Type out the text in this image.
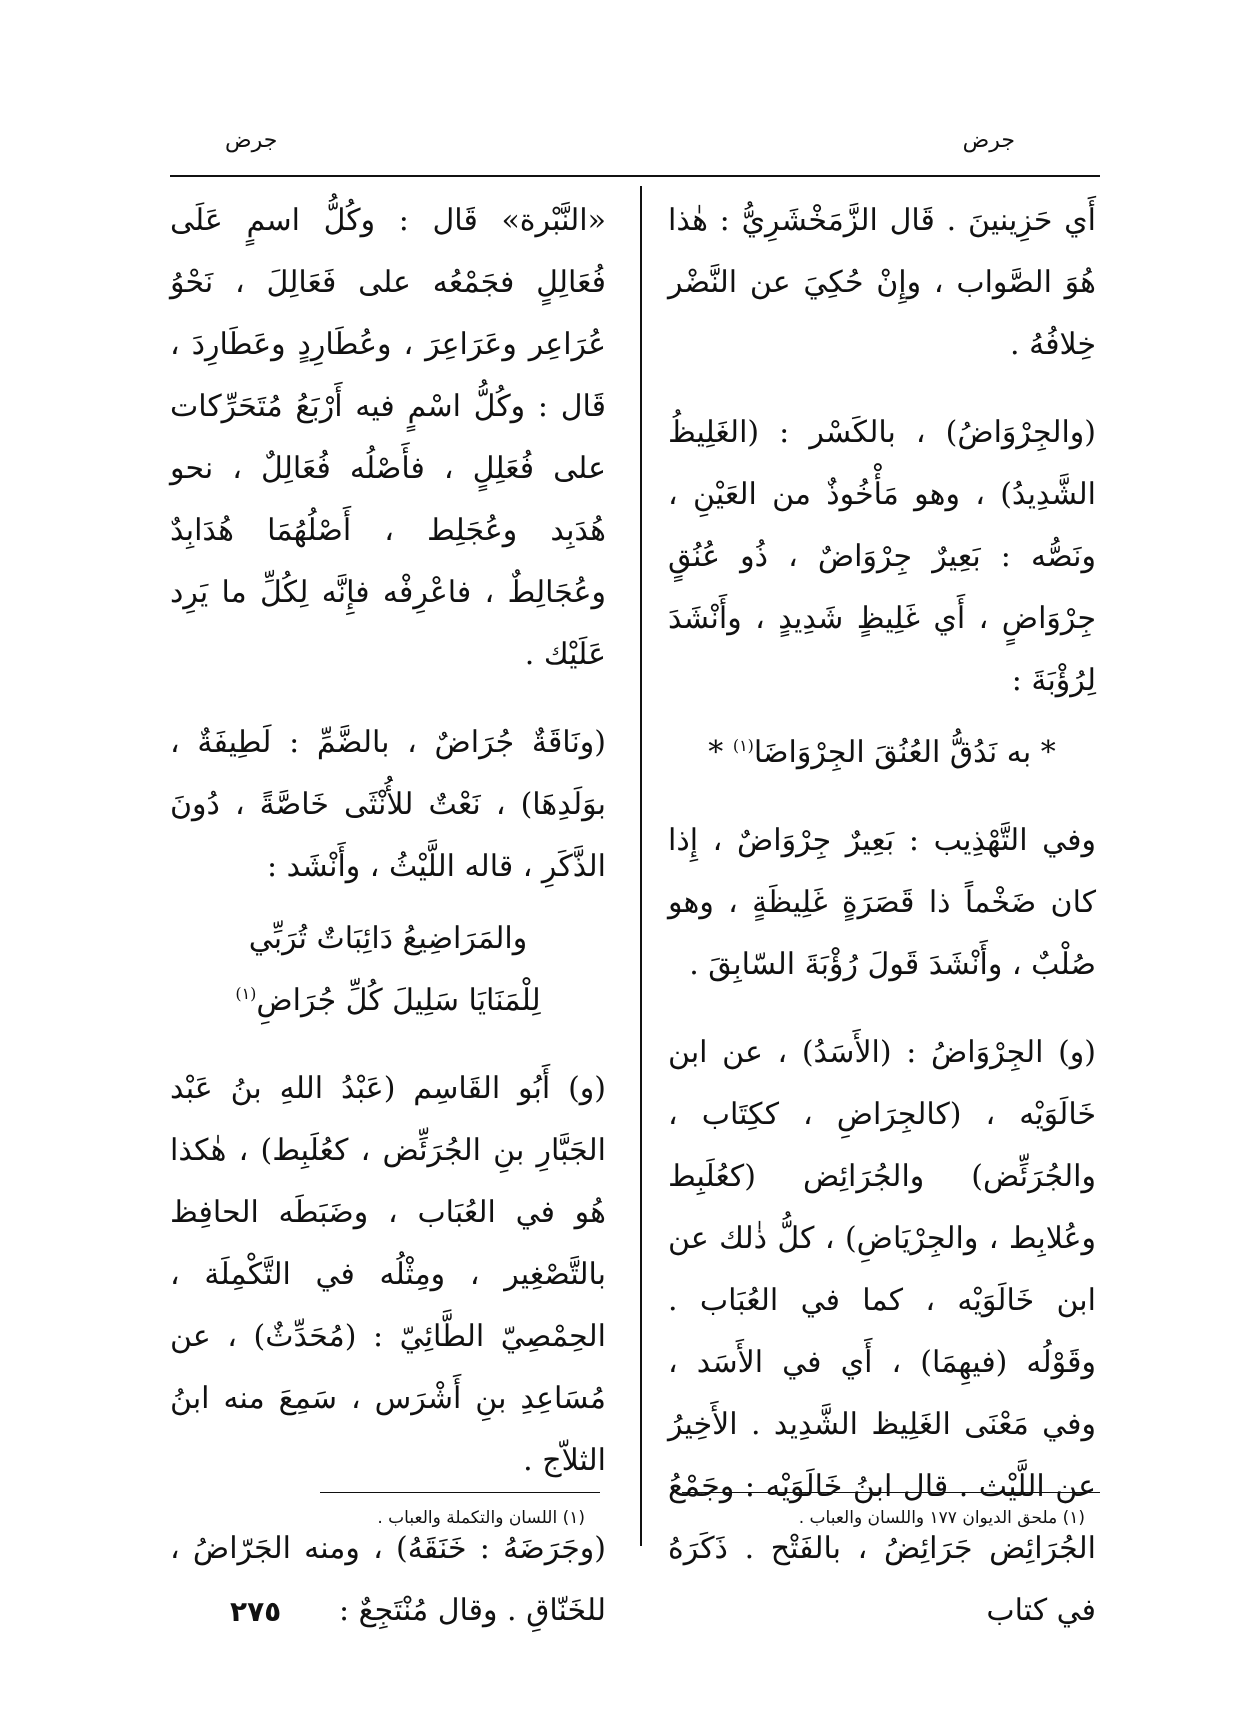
جرض
جرض

أَي حَزِينينَ . قَال الزَّمَخْشَرِيُّ : هٰذا هُوَ الصَّواب ، وإِنْ حُكِيَ عن النَّضْر خِلافُهُ .

(والجِرْوَاضُ) ، بالكَسْر : (الغَلِيظُ الشَّدِيدُ) ، وهو مَأْخُوذٌ من العَيْنِ ، ونَصُّه : بَعِيرٌ جِرْوَاضٌ ، ذُو عُنُقٍ جِرْوَاضٍ ، أَي غَلِيظٍ شَدِيدٍ ، وأَنْشَدَ لِرُؤْبَةَ :

* به نَدُقُّ العُنُقَ الجِرْوَاضَا$^{(١)}$ *

وفي التَّهْذِيب : بَعِيرٌ جِرْوَاضٌ ، إِذا كان ضَخْماً ذا قَصَرَةٍ غَلِيظَةٍ ، وهو صُلْبٌ ، وأَنْشَدَ قَولَ رُؤْبَةَ السّابِقَ .

(و) الجِرْوَاضُ : (الأَسَدُ) ، عن ابن خَالَوَيْه ، (كالجِرَاضِ ، ككِتَاب ، والجُرَئِّض) والجُرَائِض (كعُلَبِط وعُلابِط ، والجِرْيَاضِ) ، كلُّ ذٰلك عن ابن خَالَوَيْه ، كما في العُبَاب . وقَوْلُه (فيهِمَا) ، أَي في الأَسَد ، وفي مَعْنَى الغَلِيظ الشَّدِيد . الأَخِيرُ عن اللَّيْث . قال ابنُ خَالَوَيْه : وجَمْعُ الجُرَائِض جَرَائِضُ ، بالفَتْح . ذَكَرَهُ في كتاب

«النَّبْرة» قَال : وكُلُّ اسمٍ عَلَى فُعَالِلٍ فجَمْعُه على فَعَالِلَ ، نَحْوُ عُرَاعِر وعَرَاعِرَ ، وعُطَارِدٍ وعَطَارِدَ ، قَال : وكُلُّ اسْمٍ فيه أَرْبَعُ مُتَحَرِّكات على فُعَلِلٍ ، فأَصْلُه فُعَالِلٌ ، نحو هُدَبِد وعُجَلِط ، أَصْلُهُمَا هُدَابِدٌ وعُجَالِطٌ ، فاعْرِفْه فإِنَّه لِكُلِّ ما يَرِد عَلَيْك .

(ونَاقَةٌ جُرَاضٌ ، بالضَّمِّ : لَطِيفَةٌ ، بوَلَدِهَا) ، نَعْتٌ للأُنْثَى خَاصَّةً ، دُونَ الذَّكَرِ ، قاله اللَّيْثُ ، وأَنْشَد :

والمَرَاضِيعُ دَائِبَاتٌ تُرَبِّي
لِلْمَنَايَا سَلِيلَ كُلِّ جُرَاضِ$^{(١)}$

(و) أَبُو القَاسِم (عَبْدُ اللهِ بنُ عَبْد الجَبَّارِ بنِ الجُرَئِّض ، كعُلَبِط) ، هٰكذا هُو في العُبَاب ، وضَبَطَه الحافِظ بالتَّصْغِير ، ومِثْلُه في التَّكْمِلَة ، الحِمْصِيّ الطَّائِيّ : (مُحَدِّثٌ) ، عن مُسَاعِدِ بنِ أَشْرَس ، سَمِعَ منه ابنُ الثلاّج .

(وجَرَضَهُ : خَنَقَهُ) ، ومنه الجَرّاضُ ، للخَنّاقِ . وقال مُنْتَجِعٌ :

(١) ملحق الديوان ١٧٧ واللسان والعباب .
(١) اللسان والتكملة والعباب .
٢٧٥
